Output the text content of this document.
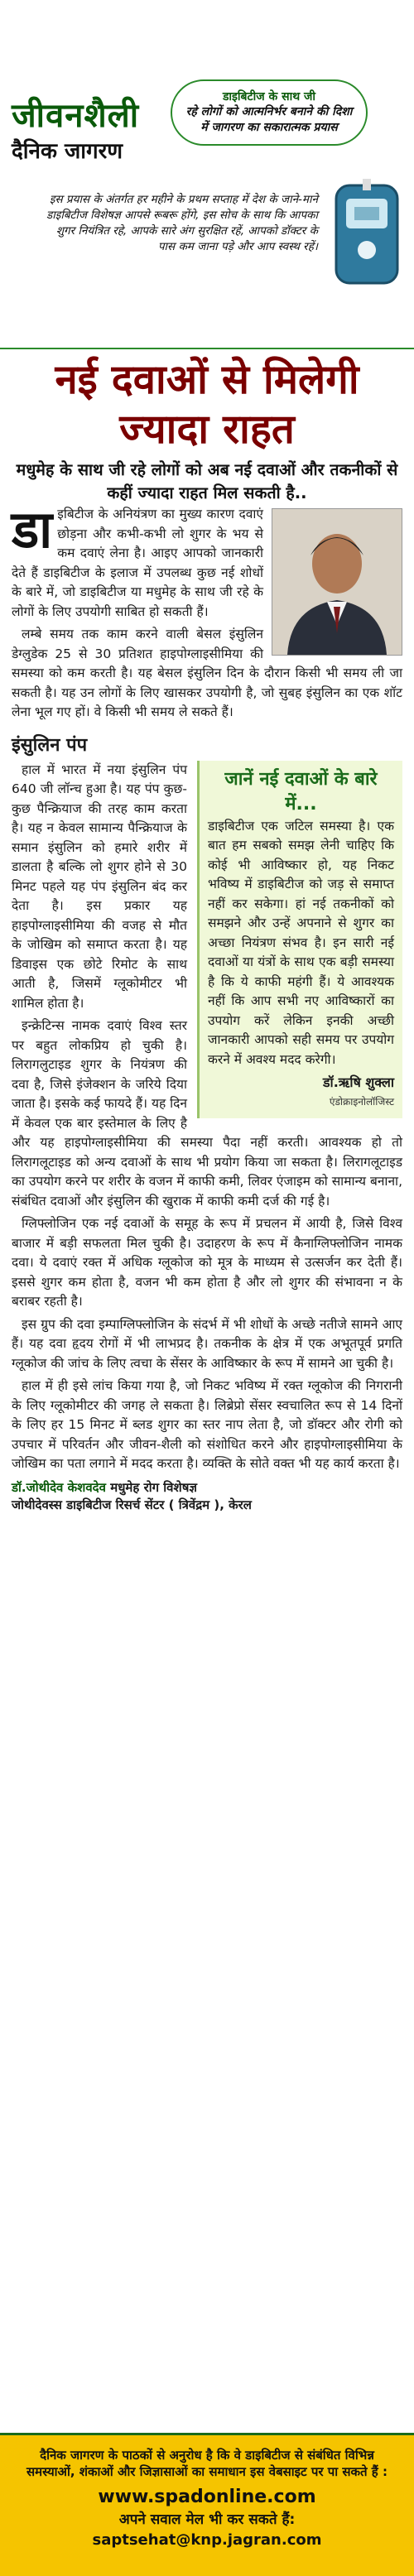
जीवनशैली
दैनिक जागरण
डाइबिटीज के साथ जी
रहे लोगों को आत्मनिर्भर बनाने की दिशा में जागरण का सकारात्मक प्रयास
इस प्रयास के अंतर्गत हर महीने के प्रथम सप्ताह में देश के जाने-माने डाइबिटीज विशेषज्ञ आपसे रूबरू होंगे, इस सोच के साथ कि आपका शुगर नियंत्रित रहे, आपके सारे अंग सुरक्षित रहें, आपको डॉक्टर के पास कम जाना पड़े और आप स्वस्थ रहें।
नई दवाओं से मिलेगी ज्यादा राहत
मधुमेह के साथ जी रहे लोगों को अब नई दवाओं और तकनीकों से कहीं ज्यादा राहत मिल सकती है..
डा इबिटीज के अनियंत्रण का मुख्य कारण दवाएं छोड़ना और कभी-कभी लो शुगर के भय से कम दवाएं लेना है। आइए आपको जानकारी देते हैं डाइबिटीज के इलाज में उपलब्ध कुछ नई शोधों के बारे में, जो डाइबिटीज या मधुमेह के साथ जी रहे के लोगों के लिए उपयोगी साबित हो सकती हैं।

लम्बे समय तक काम करने वाली बेसल इंसुलिन डेग्लुडेक 25 से 30 प्रतिशत हाइपोग्लाइसीमिया की समस्या को कम करती है। यह बेसल इंसुलिन दिन के दौरान किसी भी समय ली जा सकती है। यह उन लोगों के लिए खासकर उपयोगी है, जो सुबह इंसुलिन का एक शॉट लेना भूल गए हों। वे किसी भी समय ले सकते हैं।

इंसुलिन पंप
जानें नई दवाओं के बारे में...
डाइबिटीज एक जटिल समस्या है। एक बात हम सबको समझ लेनी चाहिए कि कोई भी आविष्कार हो, यह निकट भविष्य में डाइबिटीज को जड़ से समाप्त नहीं कर सकेगा। हां नई तकनीकों को समझने और उन्हें अपनाने से शुगर का अच्छा नियंत्रण संभव है। इन सारी नई दवाओं या यंत्रों के साथ एक बड़ी समस्या है कि ये काफी महंगी हैं। ये आवश्यक नहीं कि आप सभी नए आविष्कारों का उपयोग करें लेकिन इनकी अच्छी जानकारी आपको सही समय पर उपयोग करने में अवश्य मदद करेगी।
डॉ.ऋषि शुक्ला
एंडोक्राइनोलॉजिस्ट

हाल में भारत में नया इंसुलिन पंप 640 जी लॉन्च हुआ है। यह पंप कुछ-कुछ पैन्क्रियाज की तरह काम करता है। यह न केवल सामान्य पैन्क्रियाज के समान इंसुलिन को हमारे शरीर में डालता है बल्कि लो शुगर होने से 30 मिनट पहले यह पंप इंसुलिन बंद कर देता है। इस प्रकार यह हाइपोग्लाइसीमिया की वजह से मौत के जोखिम को समाप्त करता है। यह डिवाइस एक छोटे रिमोट के साथ आती है, जिसमें ग्लूकोमीटर भी शामिल होता है।

इन्क्रेटिन्स नामक दवाएं विश्व स्तर पर बहुत लोकप्रिय हो चुकी है। लिरागलुटाइड शुगर के नियंत्रण की दवा है, जिसे इंजेक्शन के जरिये दिया जाता है। इसके कई फायदे हैं। यह दिन में केवल एक बार इस्तेमाल के लिए है और यह हाइपोग्लाइसीमिया की समस्या पैदा नहीं करती। आवश्यक हो तो लिरागलूटाइड को अन्य दवाओं के साथ भी प्रयोग किया जा सकता है। लिरागलूटाइड का उपयोग करने पर शरीर के वजन में काफी कमी, लिवर एंजाइम को सामान्य बनाना, संबंधित दवाओं और इंसुलिन की खुराक में काफी कमी दर्ज की गई है।

ग्लिफ्लोजिन एक नई दवाओं के समूह के रूप में प्रचलन में आयी है, जिसे विश्व बाजार में बड़ी सफलता मिल चुकी है। उदाहरण के रूप में कैनाग्लिफ्लोजिन नामक दवा। ये दवाएं रक्त में अधिक ग्लूकोज को मूत्र के माध्यम से उत्सर्जन कर देती हैं। इससे शुगर कम होता है, वजन भी कम होता है और लो शुगर की संभावना न के बराबर रहती है।

इस ग्रुप की दवा इम्पाग्लिफ्लोजिन के संदर्भ में भी शोधों के अच्छे नतीजे सामने आए हैं। यह दवा हृदय रोगों में भी लाभप्रद है। तकनीक के क्षेत्र में एक अभूतपूर्व प्रगति ग्लूकोज की जांच के लिए त्वचा के सेंसर के आविष्कार के रूप में सामने आ चुकी है।

हाल में ही इसे लांच किया गया है, जो निकट भविष्य में रक्त ग्लूकोज की निगरानी के लिए ग्लूकोमीटर की जगह ले सकता है। लिब्रेप्रो सेंसर स्वचालित रूप से 14 दिनों के लिए हर 15 मिनट में ब्लड शुगर का स्तर नाप लेता है, जो डॉक्टर और रोगी को उपचार में परिवर्तन और जीवन-शैली को संशोधित करने और हाइपोग्लाइसीमिया के जोखिम का पता लगाने में मदद करता है। व्यक्ति के सोते वक्त भी यह कार्य करता है।

डॉ.जोथीदेव केशवदेव मधुमेह रोग विशेषज्ञ
जोथीदेवस्स डाइबिटीज रिसर्च सेंटर ( त्रिवेंद्रम ), केरल
दैनिक जागरण के पाठकों से अनुरोध है कि वे डाइबिटीज से संबंधित विभिन्न समस्याओं, शंकाओं और जिज्ञासाओं का समाधान इस वेबसाइट पर पा सकते हैं :
www.spadonline.com
अपने सवाल मेल भी कर सकते हैं:
saptsehat@knp.jagran.com
